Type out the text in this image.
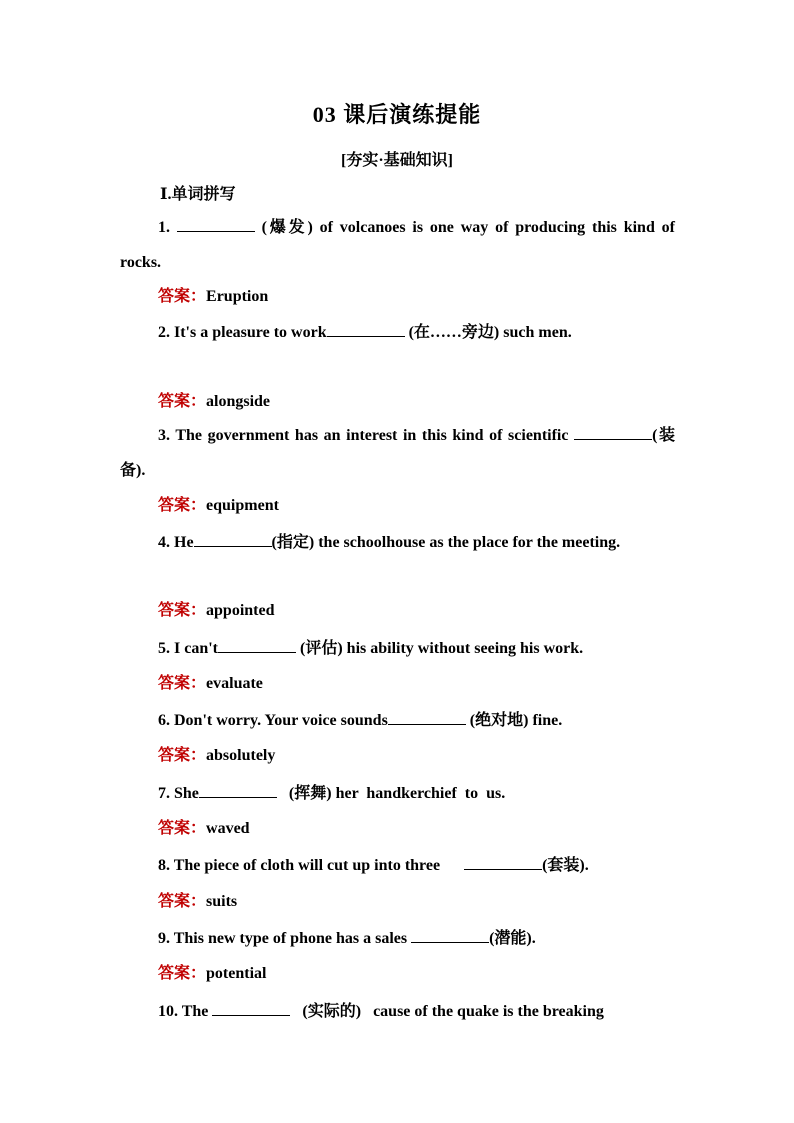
03 课后演练提能
[夯实·基础知识]
Ⅰ.单词拼写
1.	(爆发) of volcanoes is one way of producing this kind of rocks.
答案：Eruption
2. It's a pleasure to work	(在……旁边) such men.
答案：alongside
3. The government has an interest in this kind of scientific	(装备).
答案：equipment
4. He	(指定) the schoolhouse as the place for the meeting.
答案：appointed
5. I can't	(评估) his ability without seeing his work.
答案：evaluate
6. Don't worry. Your voice sounds	(绝对地) fine.
答案：absolutely
7. She	(挥舞) her  handkerchief  to  us.
答案：waved
8. The piece of cloth will cut up into three	(套装).
答案：suits
9. This new type of phone has a sales	(潜能).
答案：potential
10. The	(实际的) cause of the quake is the breaking
